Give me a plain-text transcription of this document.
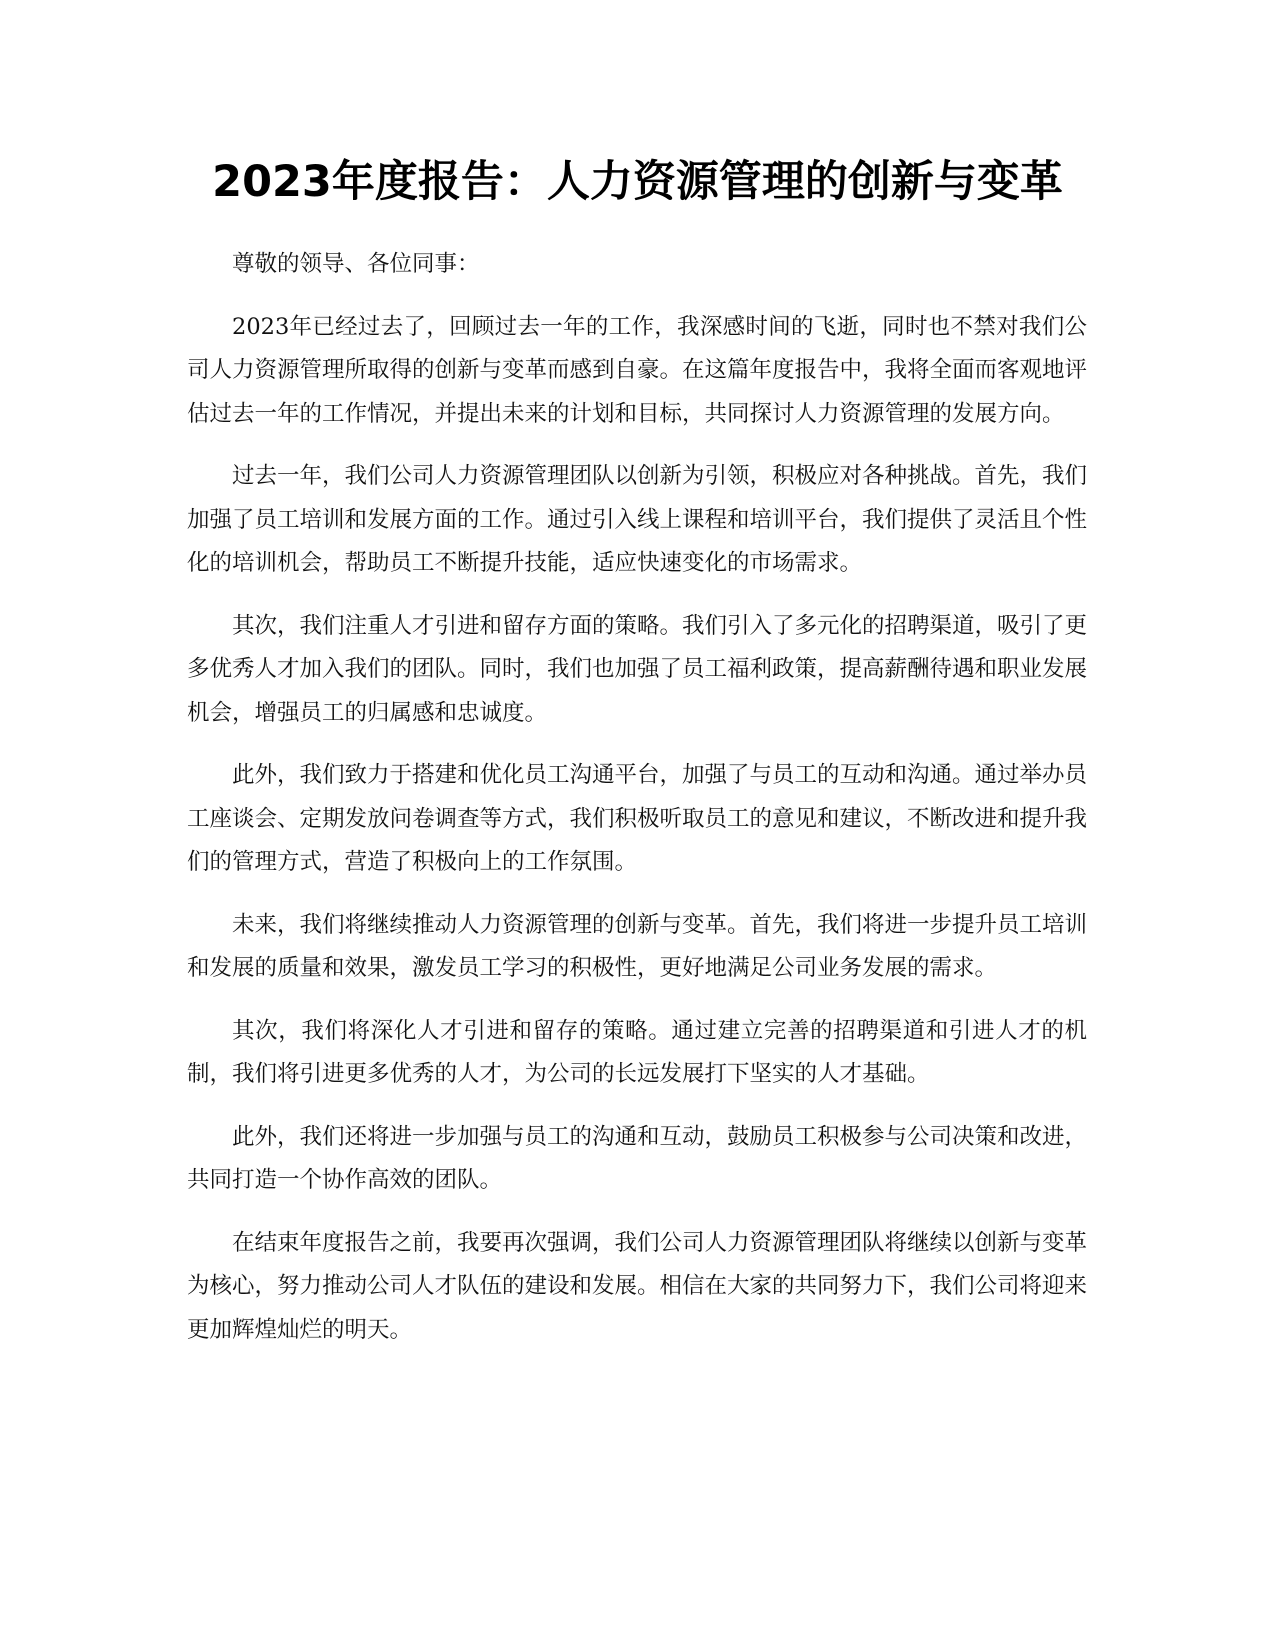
2023年度报告：人力资源管理的创新与变革

尊敬的领导、各位同事：

2023年已经过去了，回顾过去一年的工作，我深感时间的飞逝，同时也不禁对我们公司人力资源管理所取得的创新与变革而感到自豪。在这篇年度报告中，我将全面而客观地评估过去一年的工作情况，并提出未来的计划和目标，共同探讨人力资源管理的发展方向。

过去一年，我们公司人力资源管理团队以创新为引领，积极应对各种挑战。首先，我们加强了员工培训和发展方面的工作。通过引入线上课程和培训平台，我们提供了灵活且个性化的培训机会，帮助员工不断提升技能，适应快速变化的市场需求。

其次，我们注重人才引进和留存方面的策略。我们引入了多元化的招聘渠道，吸引了更多优秀人才加入我们的团队。同时，我们也加强了员工福利政策，提高薪酬待遇和职业发展机会，增强员工的归属感和忠诚度。

此外，我们致力于搭建和优化员工沟通平台，加强了与员工的互动和沟通。通过举办员工座谈会、定期发放问卷调查等方式，我们积极听取员工的意见和建议，不断改进和提升我们的管理方式，营造了积极向上的工作氛围。

未来，我们将继续推动人力资源管理的创新与变革。首先，我们将进一步提升员工培训和发展的质量和效果，激发员工学习的积极性，更好地满足公司业务发展的需求。

其次，我们将深化人才引进和留存的策略。通过建立完善的招聘渠道和引进人才的机制，我们将引进更多优秀的人才，为公司的长远发展打下坚实的人才基础。

此外，我们还将进一步加强与员工的沟通和互动，鼓励员工积极参与公司决策和改进，共同打造一个协作高效的团队。

在结束年度报告之前，我要再次强调，我们公司人力资源管理团队将继续以创新与变革为核心，努力推动公司人才队伍的建设和发展。相信在大家的共同努力下，我们公司将迎来更加辉煌灿烂的明天。
